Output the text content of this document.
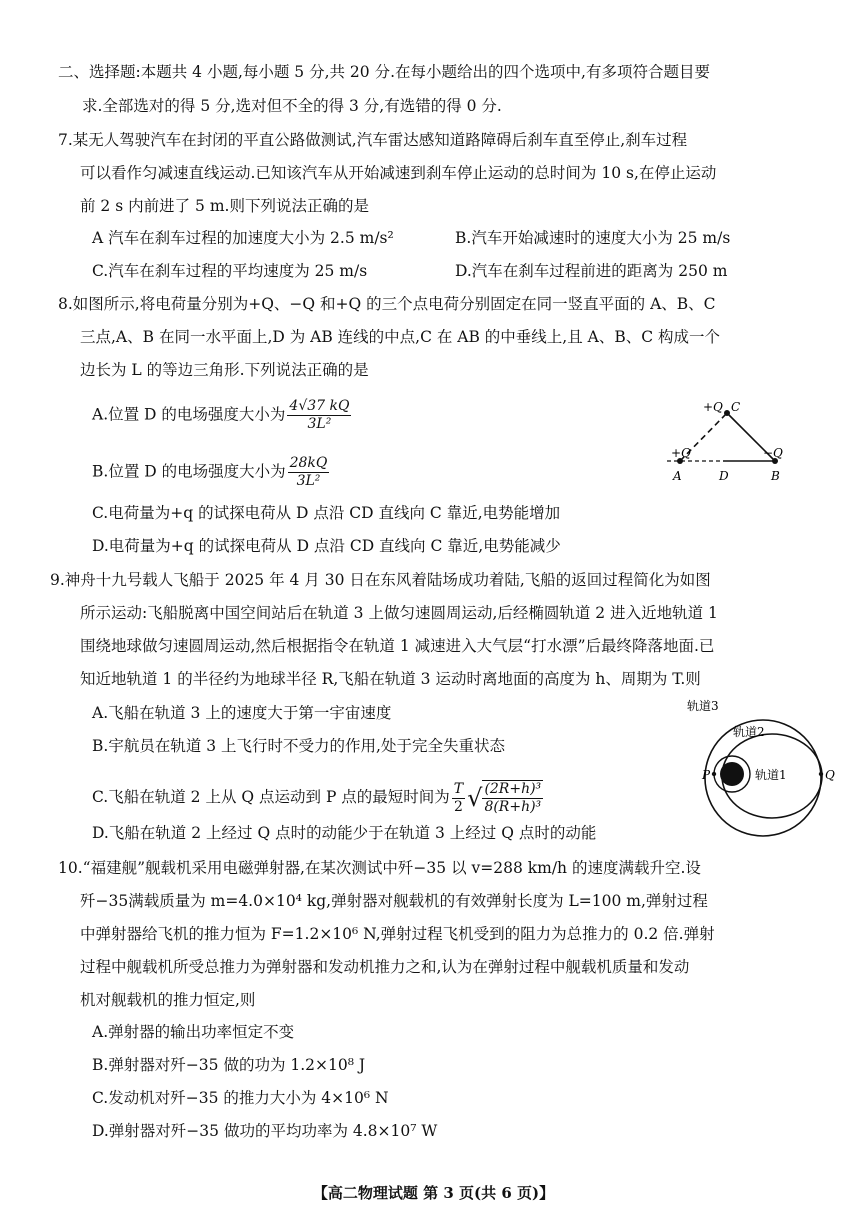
二、选择题:本题共 4 小题,每小题 5 分,共 20 分.在每小题给出的四个选项中,有多项符合题目要
求.全部选对的得 5 分,选对但不全的得 3 分,有选错的得 0 分.
7.某无人驾驶汽车在封闭的平直公路做测试,汽车雷达感知道路障碍后刹车直至停止,刹车过程
可以看作匀减速直线运动.已知该汽车从开始减速到刹车停止运动的总时间为 10 s,在停止运动
前 2 s 内前进了 5 m.则下列说法正确的是
A 汽车在刹车过程的加速度大小为 2.5 m/s²	B.汽车开始减速时的速度大小为 25 m/s
C.汽车在刹车过程的平均速度为 25 m/s	D.汽车在刹车过程前进的距离为 250 m
8.如图所示,将电荷量分别为+Q、−Q 和+Q 的三个点电荷分别固定在同一竖直平面的 A、B、C
三点,A、B 在同一水平面上,D 为 AB 连线的中点,C 在 AB 的中垂线上,且 A、B、C 构成一个
边长为 L 的等边三角形.下列说法正确的是
A.位置 D 的电场强度大小为 $\frac{4√37 kQ}{\text{3L²}}$
B.位置 D 的电场强度大小为 $\frac{28kQ}{\text{3L²}}$
C.电荷量为+q 的试探电荷从 D 点沿 CD 直线向 C 靠近,电势能增加
D.电荷量为+q 的试探电荷从 D 点沿 CD 直线向 C 靠近,电势能减少
+Q C
+Q	−Q
A	D	B
9.神舟十九号载人飞船于 2025 年 4 月 30 日在东风着陆场成功着陆,飞船的返回过程简化为如图
所示运动:飞船脱离中国空间站后在轨道 3 上做匀速圆周运动,后经椭圆轨道 2 进入近地轨道 1
围绕地球做匀速圆周运动,然后根据指令在轨道 1 减速进入大气层“打水漂”后最终降落地面.已
知近地轨道 1 的半径约为地球半径 R,飞船在轨道 3 运动时离地面的高度为 h、周期为 T.则
A.飞船在轨道 3 上的速度大于第一宇宙速度
B.宇航员在轨道 3 上飞行时不受力的作用,处于完全失重状态
C.飞船在轨道 2 上从 Q 点运动到 P 点的最短时间为 $\frac{T}{2}$ √ $\frac{\text{(2R+h)³}}{\text{8(R+h)³}}$
D.飞船在轨道 2 上经过 Q 点时的动能少于在轨道 3 上经过 Q 点时的动能
轨道3
轨道2
轨道1
P	Q
10.“福建舰”舰载机采用电磁弹射器,在某次测试中歼−35 以 v=288 km/h 的速度满载升空.设
歼−35满载质量为 m=4.0×10⁴ kg,弹射器对舰载机的有效弹射长度为 L=100 m,弹射过程
中弹射器给飞机的推力恒为 F=1.2×10⁶ N,弹射过程飞机受到的阻力为总推力的 0.2 倍.弹射
过程中舰载机所受总推力为弹射器和发动机推力之和,认为在弹射过程中舰载机质量和发动
机对舰载机的推力恒定,则
A.弹射器的输出功率恒定不变
B.弹射器对歼−35 做的功为 1.2×10⁸ J
C.发动机对歼−35 的推力大小为 4×10⁶ N
D.弹射器对歼−35 做功的平均功率为 4.8×10⁷ W
【高二物理试题 第 3 页(共 6 页)】
